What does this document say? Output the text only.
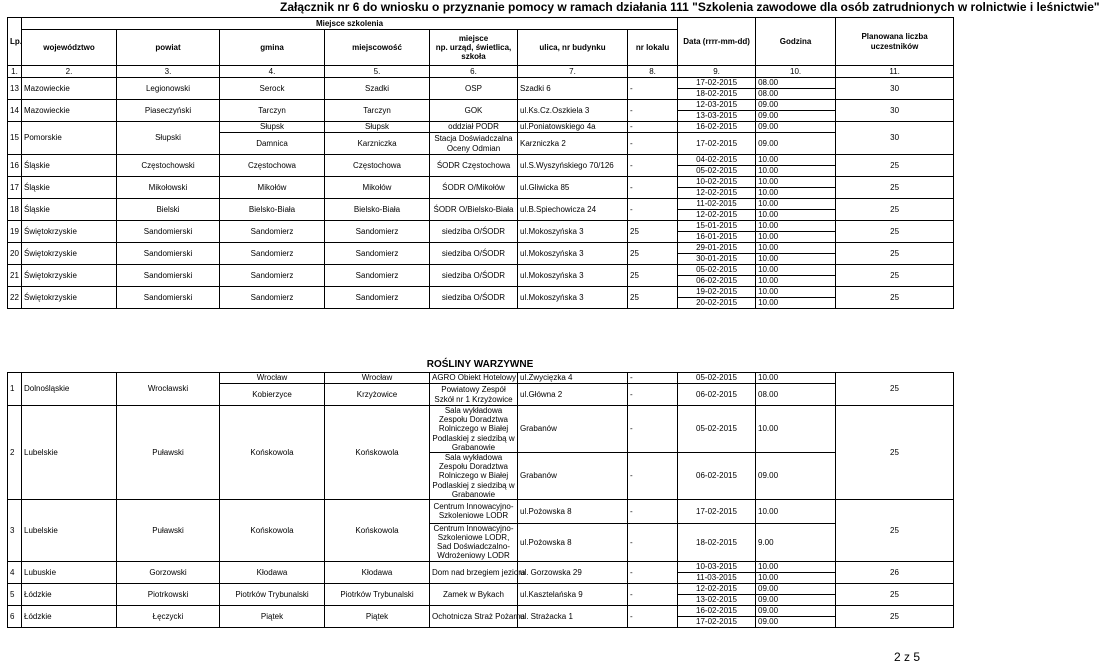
Załącznik nr 6 do wniosku o przyznanie pomocy w ramach działania 111 "Szkolenia zawodowe dla osób zatrudnionych w rolnictwie i leśnictwie"
Lp.	Miejsce szkolenia							Data (rrrr-mm-dd)	Godzina	Planowana liczba uczestników
	województwo	powiat	gmina	miejscowość	miejsce
np. urząd, świetlica,
szkoła	ulica, nr budynku	nr lokalu			
1.	2.	3.	4.	5.	6.	7.	8.	9.	10.	11.
13	Mazowieckie	Legionowski	Serock	Szadki	OSP	Szadki 6	-	17-02-2015	08.00	30
								18-02-2015	08.00	
14	Mazowieckie	Piaseczyński	Tarczyn	Tarczyn	GOK	ul.Ks.Cz.Oszkiela 3	-	12-03-2015	09.00	30
								13-03-2015	09.00	
15	Pomorskie	Słupski	Słupsk	Słupsk	oddział PODR	ul.Poniatowskiego 4a	-	16-02-2015	09.00	30
			Damnica	Karzniczka	Stacja Doświadczalna Oceny Odmian	Karzniczka 2	-	17-02-2015	09.00	
16	Śląskie	Częstochowski	Częstochowa	Częstochowa	ŚODR Częstochowa	ul.S.Wyszyńskiego 70/126	-	04-02-2015	10.00	25
								05-02-2015	10.00	
17	Śląskie	Mikołowski	Mikołów	Mikołów	ŚODR O/Mikołów	ul.Gliwicka 85	-	10-02-2015	10.00	25
								12-02-2015	10.00	
18	Śląskie	Bielski	Bielsko-Biała	Bielsko-Biała	ŚODR O/Bielsko-Biała	ul.B.Spiechowicza 24	-	11-02-2015	10.00	25
								12-02-2015	10.00	
19	Świętokrzyskie	Sandomierski	Sandomierz	Sandomierz	siedziba O/ŚODR	ul.Mokoszyńska 3	25	15-01-2015	10.00	25
								16-01-2015	10.00	
20	Świętokrzyskie	Sandomierski	Sandomierz	Sandomierz	siedziba O/ŚODR	ul.Mokoszyńska 3	25	29-01-2015	10.00	25
								30-01-2015	10.00	
21	Świętokrzyskie	Sandomierski	Sandomierz	Sandomierz	siedziba O/ŚODR	ul.Mokoszyńska 3	25	05-02-2015	10.00	25
								06-02-2015	10.00	
22	Świętokrzyskie	Sandomierski	Sandomierz	Sandomierz	siedziba O/ŚODR	ul.Mokoszyńska 3	25	19-02-2015	10.00	25
								20-02-2015	10.00	
ROŚLINY WARZYWNE
1	Dolnośląskie	Wrocławski	Wrocław	Wrocław	AGRO Obiekt Hotelowy	ul.Zwycięzka 4	-	05-02-2015	10.00	25
			Kobierzyce	Krzyżowice	Powiatowy Zespół Szkół nr 1 Krzyżowice	ul.Główna 2	-	06-02-2015	08.00	
2	Lubelskie	Puławski	Końskowola	Końskowola	Sala wykładowa Zespołu Doradztwa Rolniczego w Białej Podlaskiej z siedzibą w Grabanowie	Grabanów	-	05-02-2015	10.00	25
					Sala wykładowa Zespołu Doradztwa Rolniczego w Białej Podlaskiej z siedzibą w Grabanowie	Grabanów	-	06-02-2015	09.00	
3	Lubelskie	Puławski	Końskowola	Końskowola	Centrum Innowacyjno-Szkoleniowe LODR	ul.Pożowska 8	-	17-02-2015	10.00	25
					Centrum Innowacyjno-Szkoleniowe LODR, Sad Doświadczalno-Wdrożeniowy LODR	ul.Pożowska 8	-	18-02-2015	9.00	
4	Lubuskie	Gorzowski	Kłodawa	Kłodawa	Dom nad brzegiem jeziora	ul. Gorzowska 29	-	10-03-2015	10.00	26
								11-03-2015	10.00	
5	Łódzkie	Piotrkowski	Piotrków Trybunalski	Piotrków Trybunalski	Zamek w Bykach	ul.Kasztelańska 9	-	12-02-2015	09.00	25
								13-02-2015	09.00	
6	Łódzkie	Łęczycki	Piątek	Piątek	Ochotnicza Straż Pożarna	ul. Strażacka 1	-	16-02-2015	09.00	25
								17-02-2015	09.00	
2 z 5
